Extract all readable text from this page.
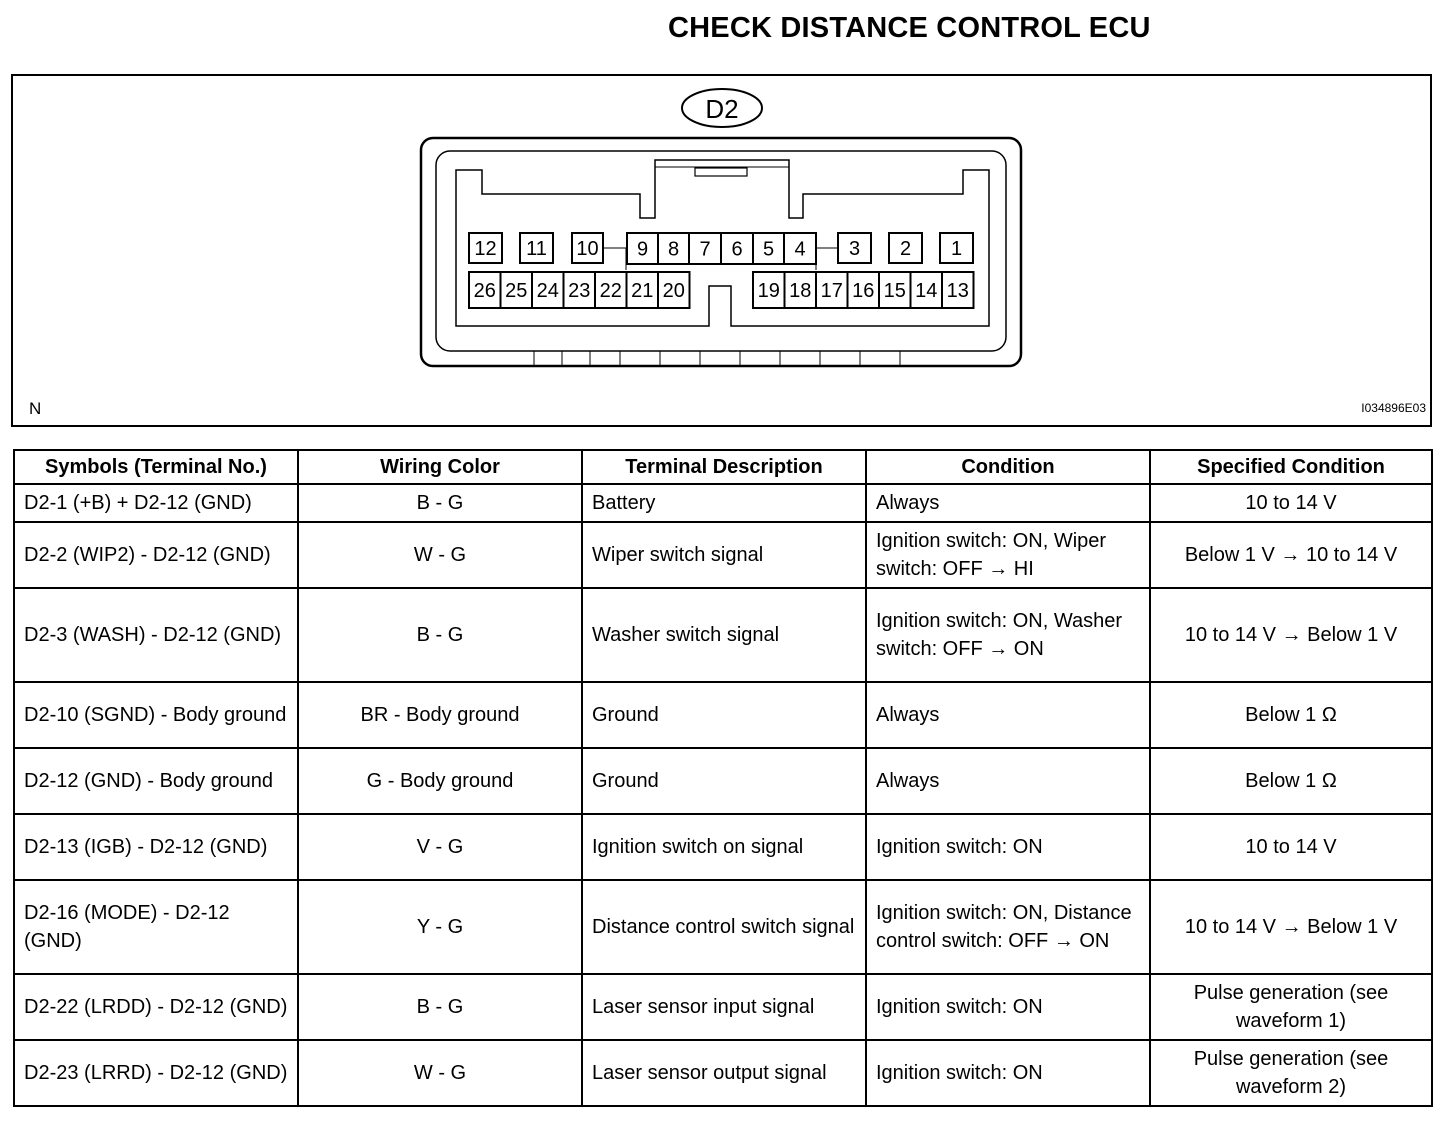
CHECK DISTANCE CONTROL ECU
D2
12 11 10 9 8 7 6 5 4 3 2 1
26 25 24 23 22 21 20	19 18 17 16 15 14 13
N	I034896E03
Symbols (Terminal No.)	Wiring Color	Terminal Description	Condition	Specified Condition
D2-1 (+B) + D2-12 (GND)	B - G	Battery	Always	10 to 14 V
D2-2 (WIP2) - D2-12 (GND)	W - G	Wiper switch signal	Ignition switch: ON, Wiper switch: OFF → HI	Below 1 V → 10 to 14 V
D2-3 (WASH) - D2-12 (GND)	B - G	Washer switch signal	Ignition switch: ON, Washer switch: OFF → ON	10 to 14 V → Below 1 V
D2-10 (SGND) - Body ground	BR - Body ground	Ground	Always	Below 1 Ω
D2-12 (GND) - Body ground	G - Body ground	Ground	Always	Below 1 Ω
D2-13 (IGB) - D2-12 (GND)	V - G	Ignition switch on signal	Ignition switch: ON	10 to 14 V
D2-16 (MODE) - D2-12 (GND)	Y - G	Distance control switch signal	Ignition switch: ON, Distance control switch: OFF → ON	10 to 14 V → Below 1 V
D2-22 (LRDD) - D2-12 (GND)	B - G	Laser sensor input signal	Ignition switch: ON	Pulse generation (see waveform 1)
D2-23 (LRRD) - D2-12 (GND)	W - G	Laser sensor output signal	Ignition switch: ON	Pulse generation (see waveform 2)
